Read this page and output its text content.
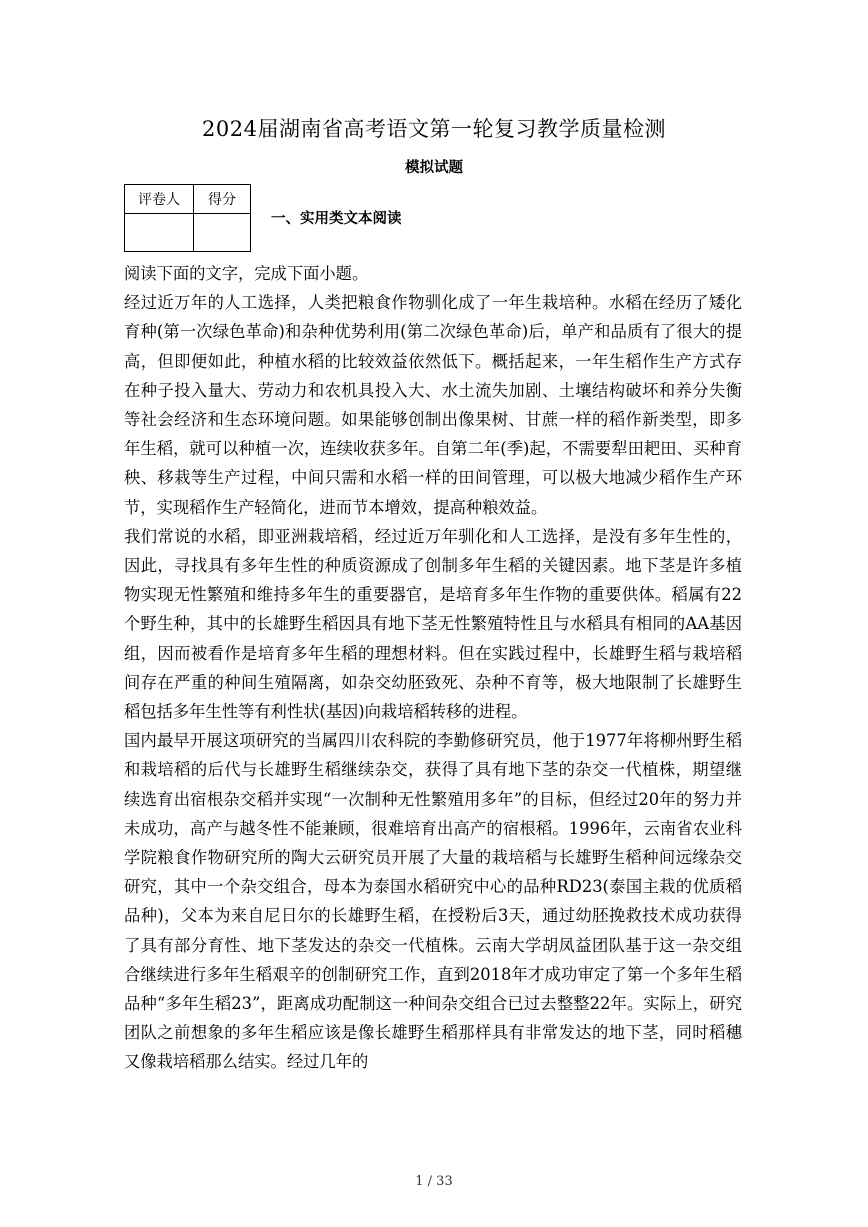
2024届湖南省高考语文第一轮复习教学质量检测
模拟试题
评卷人	得分

一、实用类文本阅读

阅读下面的文字，完成下面小题。

经过近万年的人工选择，人类把粮食作物驯化成了一年生栽培种。水稻在经历了矮化育种(第一次绿色革命)和杂种优势利用(第二次绿色革命)后，单产和品质有了很大的提高，但即便如此，种植水稻的比较效益依然低下。概括起来，一年生稻作生产方式存在种子投入量大、劳动力和农机具投入大、水土流失加剧、土壤结构破坏和养分失衡等社会经济和生态环境问题。如果能够创制出像果树、甘蔗一样的稻作新类型，即多年生稻，就可以种植一次，连续收获多年。自第二年(季)起，不需要犁田耙田、买种育秧、移栽等生产过程，中间只需和水稻一样的田间管理，可以极大地减少稻作生产环节，实现稻作生产轻简化，进而节本增效，提高种粮效益。

我们常说的水稻，即亚洲栽培稻，经过近万年驯化和人工选择，是没有多年生性的，因此，寻找具有多年生性的种质资源成了创制多年生稻的关键因素。地下茎是许多植物实现无性繁殖和维持多年生的重要器官，是培育多年生作物的重要供体。稻属有22个野生种，其中的长雄野生稻因具有地下茎无性繁殖特性且与水稻具有相同的AA基因组，因而被看作是培育多年生稻的理想材料。但在实践过程中，长雄野生稻与栽培稻间存在严重的种间生殖隔离，如杂交幼胚致死、杂种不育等，极大地限制了长雄野生稻包括多年生性等有利性状(基因)向栽培稻转移的进程。

国内最早开展这项研究的当属四川农科院的李勤修研究员，他于1977年将柳州野生稻和栽培稻的后代与长雄野生稻继续杂交，获得了具有地下茎的杂交一代植株，期望继续选育出宿根杂交稻并实现“一次制种无性繁殖用多年”的目标，但经过20年的努力并未成功，高产与越冬性不能兼顾，很难培育出高产的宿根稻。1996年，云南省农业科学院粮食作物研究所的陶大云研究员开展了大量的栽培稻与长雄野生稻种间远缘杂交研究，其中一个杂交组合，母本为泰国水稻研究中心的品种RD23(泰国主栽的优质稻品种)，父本为来自尼日尔的长雄野生稻，在授粉后3天，通过幼胚挽救技术成功获得了具有部分育性、地下茎发达的杂交一代植株。云南大学胡凤益团队基于这一杂交组合继续进行多年生稻艰辛的创制研究工作，直到2018年才成功审定了第一个多年生稻品种“多年生稻23”，距离成功配制这一种间杂交组合已过去整整22年。实际上，研究团队之前想象的多年生稻应该是像长雄野生稻那样具有非常发达的地下茎，同时稻穗又像栽培稻那么结实。经过几年的

1 / 33
